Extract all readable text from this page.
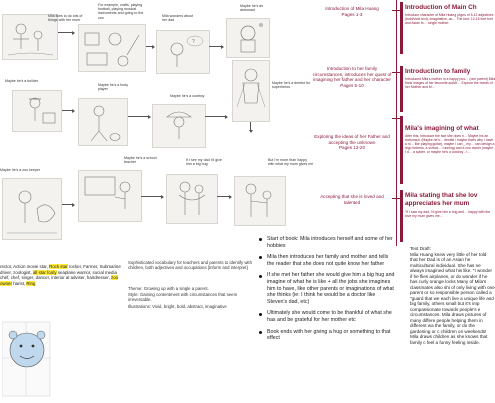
Mila likes to do lots of things with her mum
For example, crafts, playing football, playing musical instruments and going to the zoo
?
Mila wonders about her dad
Maybe he's an astronaut
Maybe he's a builder
Maybe he's a footy player
Maybe he's a cowboy
Maybe he's a dentist for superheros
Maybe he's a zoo keeper
Maybe he's a school teacher
If I see my dad I'd give him a big hug
But I'm more than happy with what my mum gives me
rector, Action movie star, Rock star rocker, Farmer, Submarine driver, zoologist, all star footy seaplane warrior, social media chéf, chef, singer, dancer, interior al adviser, hairdresser, zoo owner harist, Ring
Sophisticated vocabulary for teachers and parents to identify with children, both adjectives and occupations [Inform and interpret]
Theme: Growing up with a single a parent.
Style: Gaining contentment with circumstances that seem irreversable.
Illustrations: Vivid, bright, bold, abstract, imaginative
Start of book: Mila introduces herself and some of her hobbies
Mila then introduces her family and mother and tells the reader that she does not quite know her father
If she met her father she would give him a big hug and imagine of what he is like + all the jobs she imagines him to have, like other parents or imaginations of what she thinks (ie: I think he would be a doctor like Steven's dad, etc)
Ultimately she would come to be thankful of what she has and be grateful for her mother etc
Book ends with her giving a hug or something to that effect
Introduction of Mila Huang
Pages 1-3
Introduction to her family circumstances, introduces her quest of imagining her father and her character
Pages 5-10
Exploring the ideas of her Father and accepting the unknown
Pages 12-20
Accepting that she is loved and talented
Introduction of Main Ch

Introduce character of Mila Huang (Ages of 5-12 adjectives (bold/vivid text), imaginative, ac… The font: 12-15 font font and Asian fo… single mother.

Introduction to family

Introduced Mila's mother in a happy pos… (one parent) Mila finds images of her favourite activit… Explore the bonds of her Mother and M…

Mila's imagining of what

After this, introduce the fact she does n… Maybe his an Astronaut, (Maybe he's… dentist / maybe that's why I have a ni… like playing guitar), maybe I can _ my… can design a lego fortress, a school… running) and a zoo owner (maybe I d… a spider, or maybe he's a cowboy - I…

Mila stating that she lov appreciates her mum

"If I saw my dad, I'd give him a hug and… happy with the love my mum gives me…

Text Draft:
Mila Huang knew very little of her told that her Dad is of an Asian he multicultural individual. She has ne always imagined what his like. "I wonder if he flies airplanes, or do wonder if he has curly orange locks Many of Mila's classmates also shi of only living with one parent or so responsible person called a "guard that we each live a unique life and big family, others small but it's imp compassionate towards people's e circumstances. Mila draws pictures of many differe people helping them in different wa the family, or do the gardening or c children on weekends! Mila draws children as she knows that family c feel a funny feeling inside.
